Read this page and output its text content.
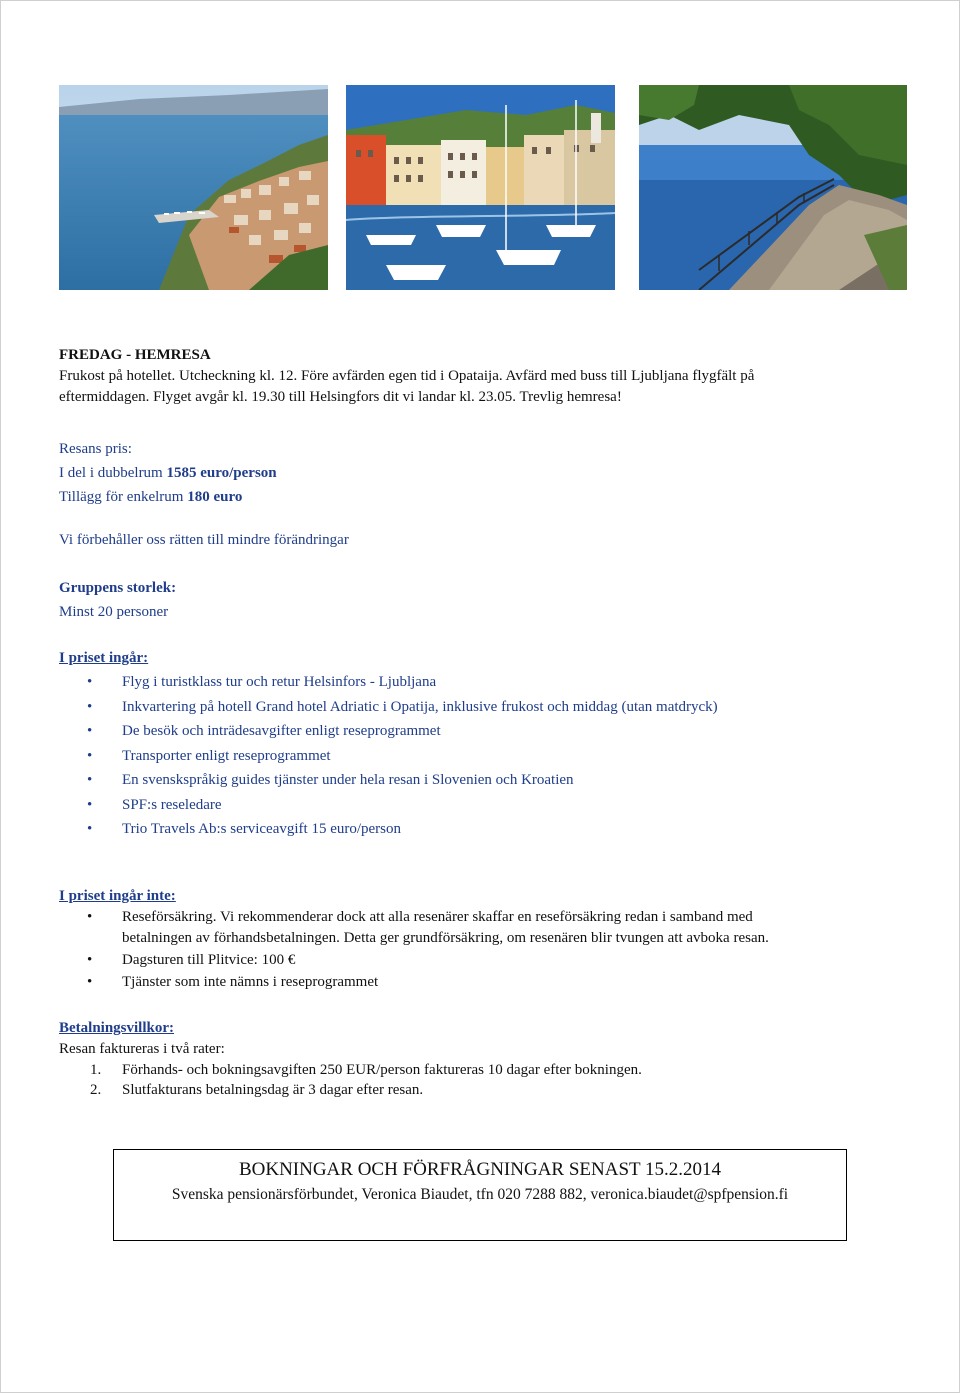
FREDAG - HEMRESA
Frukost på hotellet. Utcheckning kl. 12. Före avfärden egen tid i Opataija. Avfärd med buss till Ljubljana flygfält på
eftermiddagen. Flyget avgår kl. 19.30 till Helsingfors dit vi landar kl. 23.05. Trevlig hemresa!
Resans pris:
I del i dubbelrum 1585 euro/person
Tillägg för enkelrum 180 euro
Vi förbehåller oss rätten till mindre förändringar
Gruppens storlek:
Minst 20 personer
I priset ingår:
• Flyg i turistklass tur och retur Helsinfors - Ljubljana
• Inkvartering på hotell Grand hotel Adriatic i Opatija, inklusive frukost och middag (utan matdryck)
• De besök och inträdesavgifter enligt reseprogrammet
• Transporter enligt reseprogrammet
• En svenskspråkig guides tjänster under hela resan i Slovenien och Kroatien
• SPF:s reseledare
• Trio Travels Ab:s serviceavgift 15 euro/person
I priset ingår inte:
• Reseförsäkring. Vi rekommenderar dock att alla resenärer skaffar en reseförsäkring redan i samband med
betalningen av förhandsbetalningen. Detta ger grundförsäkring, om resenären blir tvungen att avboka resan.
• Dagsturen till Plitvice: 100 €
• Tjänster som inte nämns i reseprogrammet
Betalningsvillkor:
Resan faktureras i två rater:
1. Förhands- och bokningsavgiften 250 EUR/person faktureras 10 dagar efter bokningen.
2. Slutfakturans betalningsdag är 3 dagar efter resan.
BOKNINGAR OCH FÖRFRÅGNINGAR SENAST 15.2.2014
Svenska pensionärsförbundet, Veronica Biaudet, tfn 020 7288 882, veronica.biaudet@spfpension.fi
